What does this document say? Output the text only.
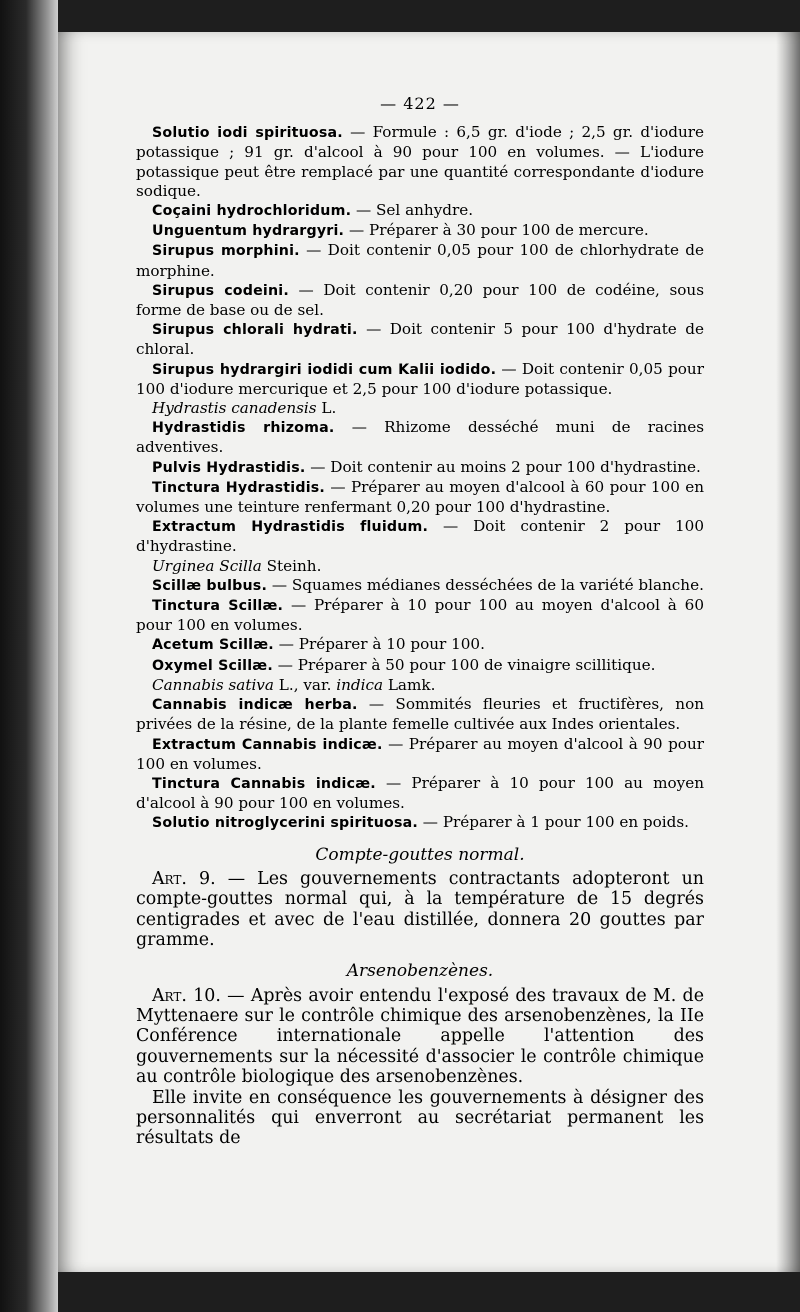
— 422 —

Solutio iodi spirituosa. — Formule : 6,5 gr. d'iode ; 2,5 gr. d'iodure potassique ; 91 gr. d'alcool à 90 pour 100 en volumes. — L'iodure potassique peut être remplacé par une quantité correspondante d'iodure sodique.

Coçaini hydrochloridum. — Sel anhydre.

Unguentum hydrargyri. — Préparer à 30 pour 100 de mercure.

Sirupus morphini. — Doit contenir 0,05 pour 100 de chlorhydrate de morphine.

Sirupus codeini. — Doit contenir 0,20 pour 100 de codéine, sous forme de base ou de sel.

Sirupus chlorali hydrati. — Doit contenir 5 pour 100 d'hydrate de chloral.

Sirupus hydrargiri iodidi cum Kalii iodido. — Doit contenir 0,05 pour 100 d'iodure mercurique et 2,5 pour 100 d'iodure potassique.

Hydrastis canadensis L.

Hydrastidis rhizoma. — Rhizome desséché muni de racines adventives.

Pulvis Hydrastidis. — Doit contenir au moins 2 pour 100 d'hydrastine.

Tinctura Hydrastidis. — Préparer au moyen d'alcool à 60 pour 100 en volumes une teinture renfermant 0,20 pour 100 d'hydrastine.

Extractum Hydrastidis fluidum. — Doit contenir 2 pour 100 d'hydrastine.

Urginea Scilla Steinh.

Scillæ bulbus. — Squames médianes desséchées de la variété blanche.

Tinctura Scillæ. — Préparer à 10 pour 100 au moyen d'alcool à 60 pour 100 en volumes.

Acetum Scillæ. — Préparer à 10 pour 100.

Oxymel Scillæ. — Préparer à 50 pour 100 de vinaigre scillitique.

Cannabis sativa L., var. indica Lamk.

Cannabis indicæ herba. — Sommités fleuries et fructifères, non privées de la résine, de la plante femelle cultivée aux Indes orientales.

Extractum Cannabis indicæ. — Préparer au moyen d'alcool à 90 pour 100 en volumes.

Tinctura Cannabis indicæ. — Préparer à 10 pour 100 au moyen d'alcool à 90 pour 100 en volumes.

Solutio nitroglycerini spirituosa. — Préparer à 1 pour 100 en poids.

Compte-gouttes normal.

Art. 9. — Les gouvernements contractants adopteront un compte-gouttes normal qui, à la température de 15 degrés centigrades et avec de l'eau distillée, donnera 20 gouttes par gramme.

Arsenobenzènes.

Art. 10. — Après avoir entendu l'exposé des travaux de M. de Myttenaere sur le contrôle chimique des arsenobenzènes, la IIe Conférence internationale appelle l'attention des gouvernements sur la nécessité d'associer le contrôle chimique au contrôle biologique des arsenobenzènes.

Elle invite en conséquence les gouvernements à désigner des personnalités qui enverront au secrétariat permanent les résultats de
